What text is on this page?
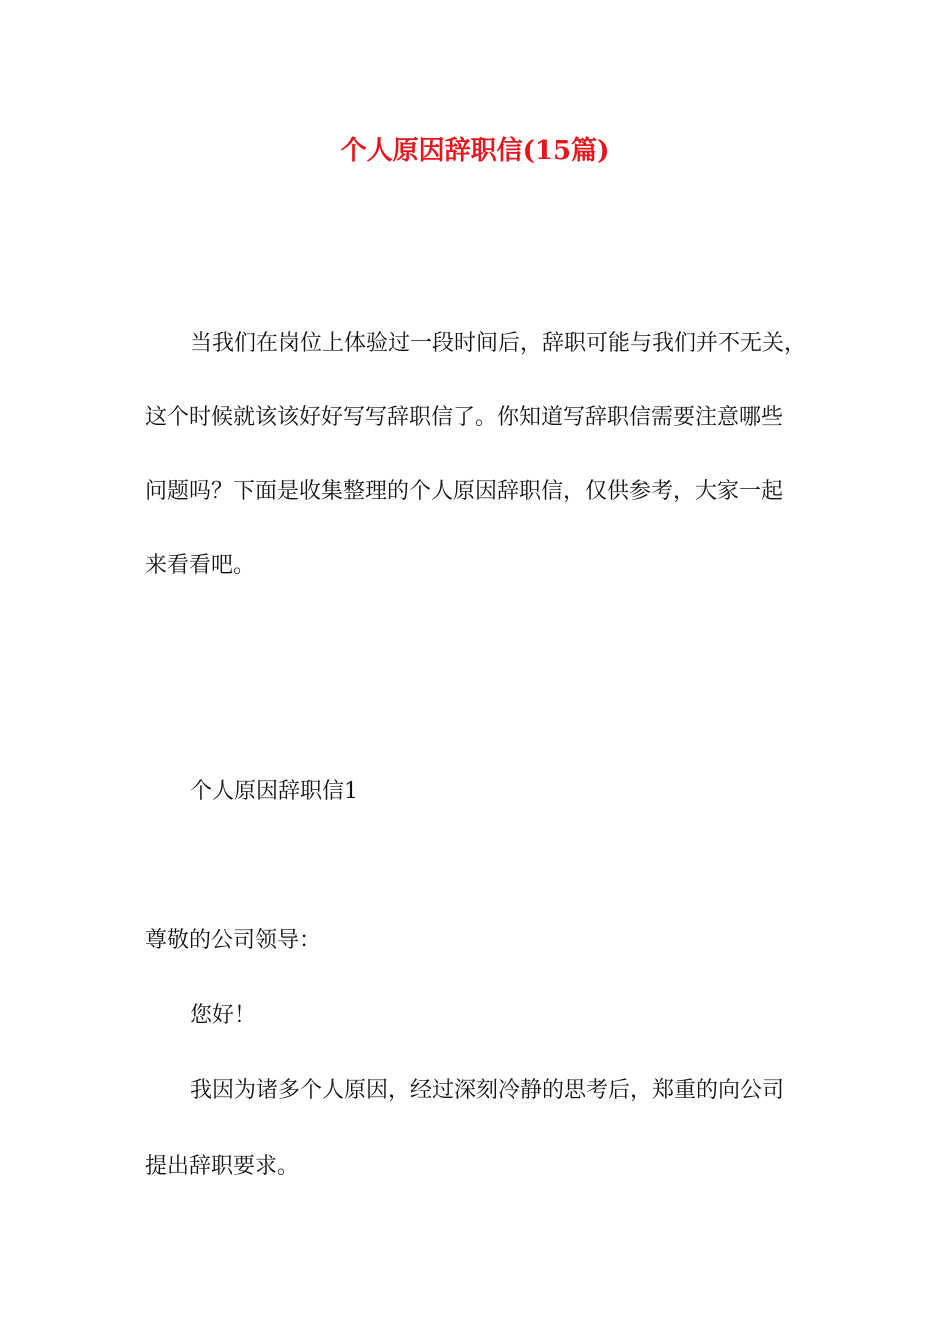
个人原因辞职信(15篇)
当我们在岗位上体验过一段时间后，辞职可能与我们并不无关，
这个时候就该该好好写写辞职信了。你知道写辞职信需要注意哪些
问题吗？下面是收集整理的个人原因辞职信，仅供参考，大家一起
来看看吧。
个人原因辞职信1
尊敬的公司领导：
您好！
我因为诸多个人原因，经过深刻冷静的思考后，郑重的向公司
提出辞职要求。
